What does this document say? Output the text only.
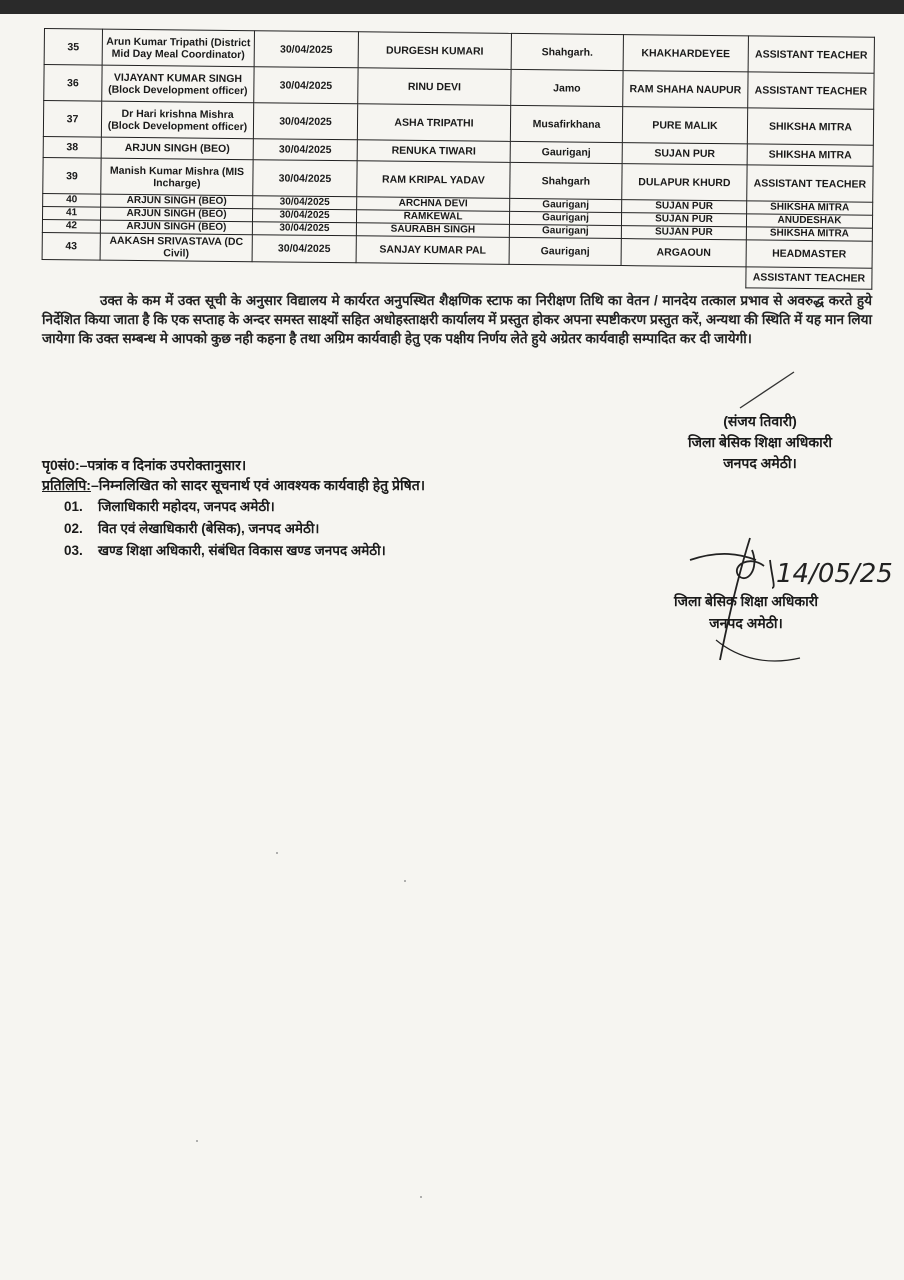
35	Arun Kumar Tripathi (District Mid Day Meal Coordinator)	30/04/2025	DURGESH KUMARI	Shahgarh.	KHAKHARDEYEE	ASSISTANT TEACHER
36	VIJAYANT KUMAR SINGH (Block Development officer)	30/04/2025	RINU DEVI	Jamo	RAM SHAHA NAUPUR	ASSISTANT TEACHER
37	Dr Hari krishna Mishra (Block Development officer)	30/04/2025	ASHA TRIPATHI	Musafirkhana	PURE MALIK	SHIKSHA MITRA
38	ARJUN SINGH (BEO)	30/04/2025	RENUKA TIWARI	Gauriganj	SUJAN PUR	SHIKSHA MITRA
39	Manish Kumar Mishra (MIS Incharge)	30/04/2025	RAM KRIPAL YADAV	Shahgarh	DULAPUR KHURD	ASSISTANT TEACHER
40	ARJUN SINGH (BEO)	30/04/2025	ARCHNA DEVI	Gauriganj	SUJAN PUR	SHIKSHA MITRA
41	ARJUN SINGH (BEO)	30/04/2025	RAMKEWAL	Gauriganj	SUJAN PUR	ANUDESHAK
42	ARJUN SINGH (BEO)	30/04/2025	SAURABH SINGH	Gauriganj	SUJAN PUR	SHIKSHA MITRA
43	AAKASH SRIVASTAVA (DC Civil)	30/04/2025	SANJAY KUMAR PAL	Gauriganj	ARGAOUN	HEADMASTER
						ASSISTANT TEACHER
उक्त के कम में उक्त सूची के अनुसार विद्यालय मे कार्यरत अनुपस्थित शैक्षणिक स्टाफ का निरीक्षण तिथि का वेतन / मानदेय तत्काल प्रभाव से अवरुद्ध करते हुये निर्देशित किया जाता है कि एक सप्ताह के अन्दर समस्त साक्ष्यों सहित अधोहस्ताक्षरी कार्यालय में प्रस्तुत होकर अपना स्पष्टीकरण प्रस्तुत करें, अन्यथा की स्थिति में यह मान लिया जायेगा कि उक्त सम्बन्ध मे आपको कुछ नही कहना है तथा अग्रिम कार्यवाही हेतु एक पक्षीय निर्णय लेते हुये अग्रेतर कार्यवाही सम्पादित कर दी जायेगी।
(संजय तिवारी)
जिला बेसिक शिक्षा अधिकारी
जनपद अमेठी।
पृ0सं0:–पत्रांक व दिनांक उपरोक्तानुसार।
प्रतिलिपि:–निम्नलिखित को सादर सूचनार्थ एवं आवश्यक कार्यवाही हेतु प्रेषित।
01. जिलाधिकारी महोदय, जनपद अमेठी।
02. वित एवं लेखाधिकारी (बेसिक), जनपद अमेठी।
03. खण्ड शिक्षा अधिकारी, संबंधित विकास खण्ड जनपद अमेठी।
14/05/25
जिला बेसिक शिक्षा अधिकारी
जनपद अमेठी।
